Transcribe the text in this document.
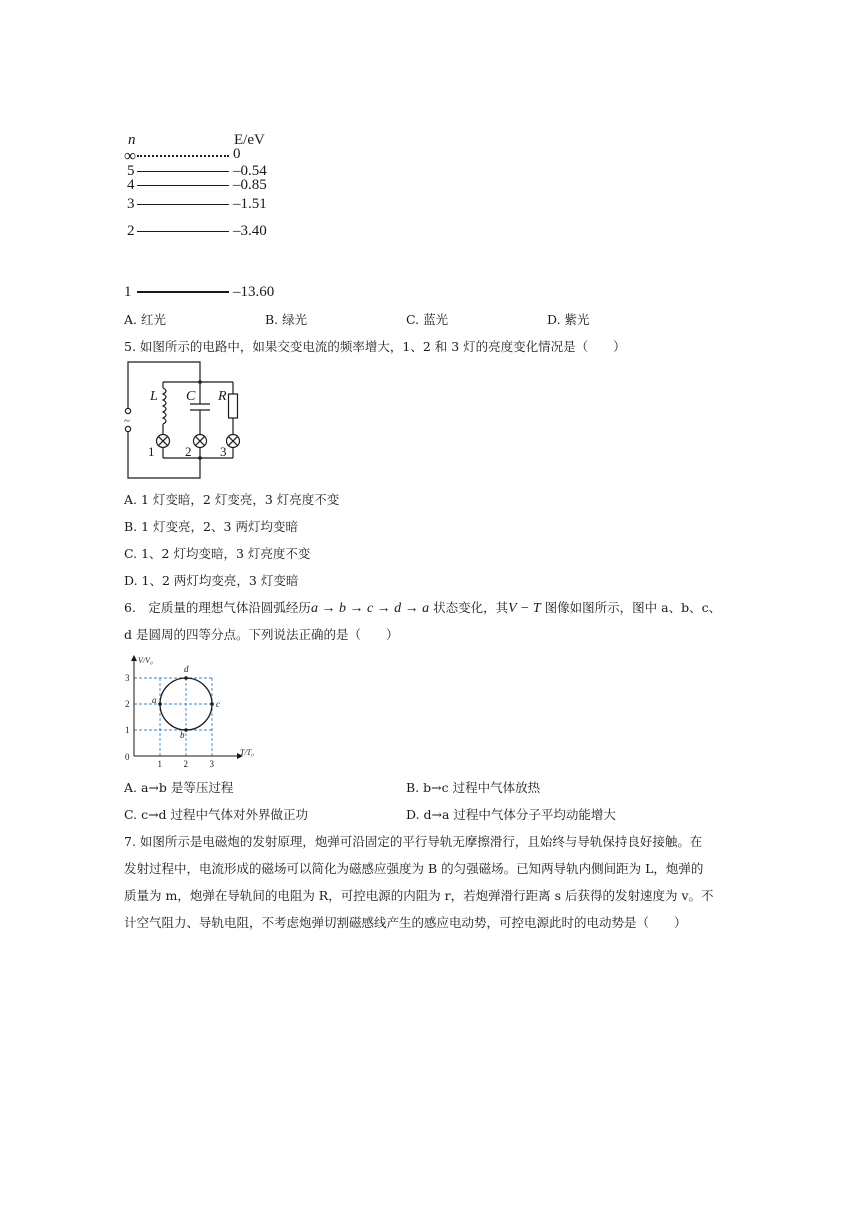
n	E/eV
∞	0
5	–0.54
4	–0.85
3	–1.51
2	–3.40
1	–13.60
A. 红光	B. 绿光	C. 蓝光	D. 紫光
5. 如图所示的电路中，如果交变电流的频率增大，1、2 和 3 灯的亮度变化情况是（　　）
L C R
1 2 3
~
A. 1 灯变暗，2 灯变亮，3 灯亮度不变
B. 1 灯变亮，2、3 两灯均变暗
C. 1、2 灯均变暗，3 灯亮度不变
D. 1、2 两灯均变亮，3 灯变暗
6.　定质量的理想气体沿圆弧经历a → b → c → d → a 状态变化，其V − T 图像如图所示，图中 a、b、c、
d 是圆周的四等分点。下列说法正确的是（　　）
a
b
c
d
V/V₀
T/T₀
0
1 2 3
1
2
3
A. a→b 是等压过程	B. b→c 过程中气体放热
C. c→d 过程中气体对外界做正功	D. d→a 过程中气体分子平均动能增大
7. 如图所示是电磁炮的发射原理，炮弹可沿固定的平行导轨无摩擦滑行，且始终与导轨保持良好接触。在
发射过程中，电流形成的磁场可以简化为磁感应强度为 B 的匀强磁场。已知两导轨内侧间距为 L，炮弹的
质量为 m，炮弹在导轨间的电阻为 R，可控电源的内阻为 r，若炮弹滑行距离 s 后获得的发射速度为 v。不
计空气阻力、导轨电阻，不考虑炮弹切割磁感线产生的感应电动势，可控电源此时的电动势是（　　）
